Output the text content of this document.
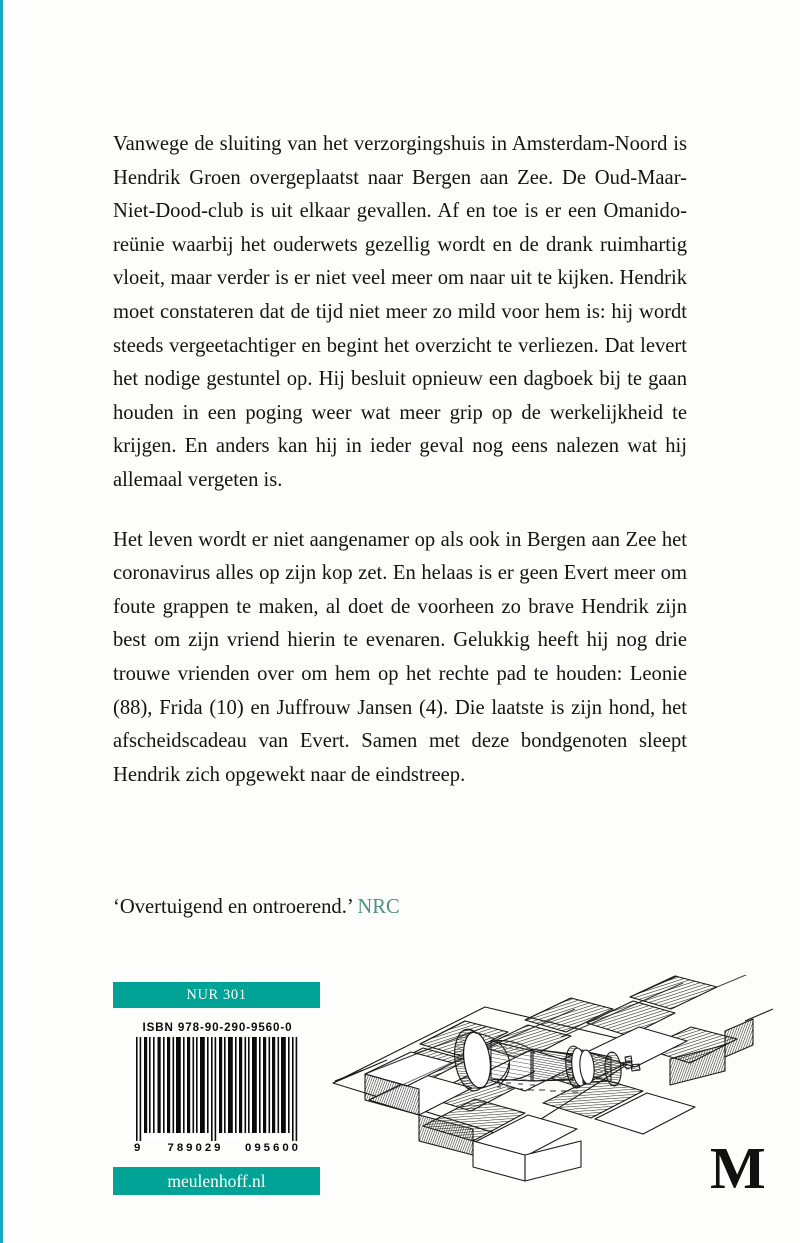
Vanwege de sluiting van het verzorgingshuis in Amsterdam-Noord is Hendrik Groen overgeplaatst naar Bergen aan Zee. De Oud-Maar-Niet-Dood-club is uit elkaar gevallen. Af en toe is er een Omanido-reünie waarbij het ouderwets gezellig wordt en de drank ruimhartig vloeit, maar verder is er niet veel meer om naar uit te kijken. Hendrik moet constateren dat de tijd niet meer zo mild voor hem is: hij wordt steeds vergeetachtiger en begint het overzicht te verliezen. Dat levert het nodige gestuntel op. Hij besluit opnieuw een dagboek bij te gaan houden in een poging weer wat meer grip op de werkelijkheid te krijgen. En anders kan hij in ieder geval nog eens nalezen wat hij allemaal vergeten is.

Het leven wordt er niet aangenamer op als ook in Bergen aan Zee het coronavirus alles op zijn kop zet. En helaas is er geen Evert meer om foute grappen te maken, al doet de voorheen zo brave Hendrik zijn best om zijn vriend hierin te evenaren. Gelukkig heeft hij nog drie trouwe vrienden over om hem op het rechte pad te houden: Leonie (88), Frida (10) en Juffrouw Jansen (4). Die laatste is zijn hond, het afscheidscadeau van Evert. Samen met deze bondgenoten sleept Hendrik zich opgewekt naar de eindstreep.

‘Overtuigend en ontroerend.’ NRC
NUR 301
ISBN 978-90-290-9560-0
9	789029 095600
meulenhoff.nl	M
